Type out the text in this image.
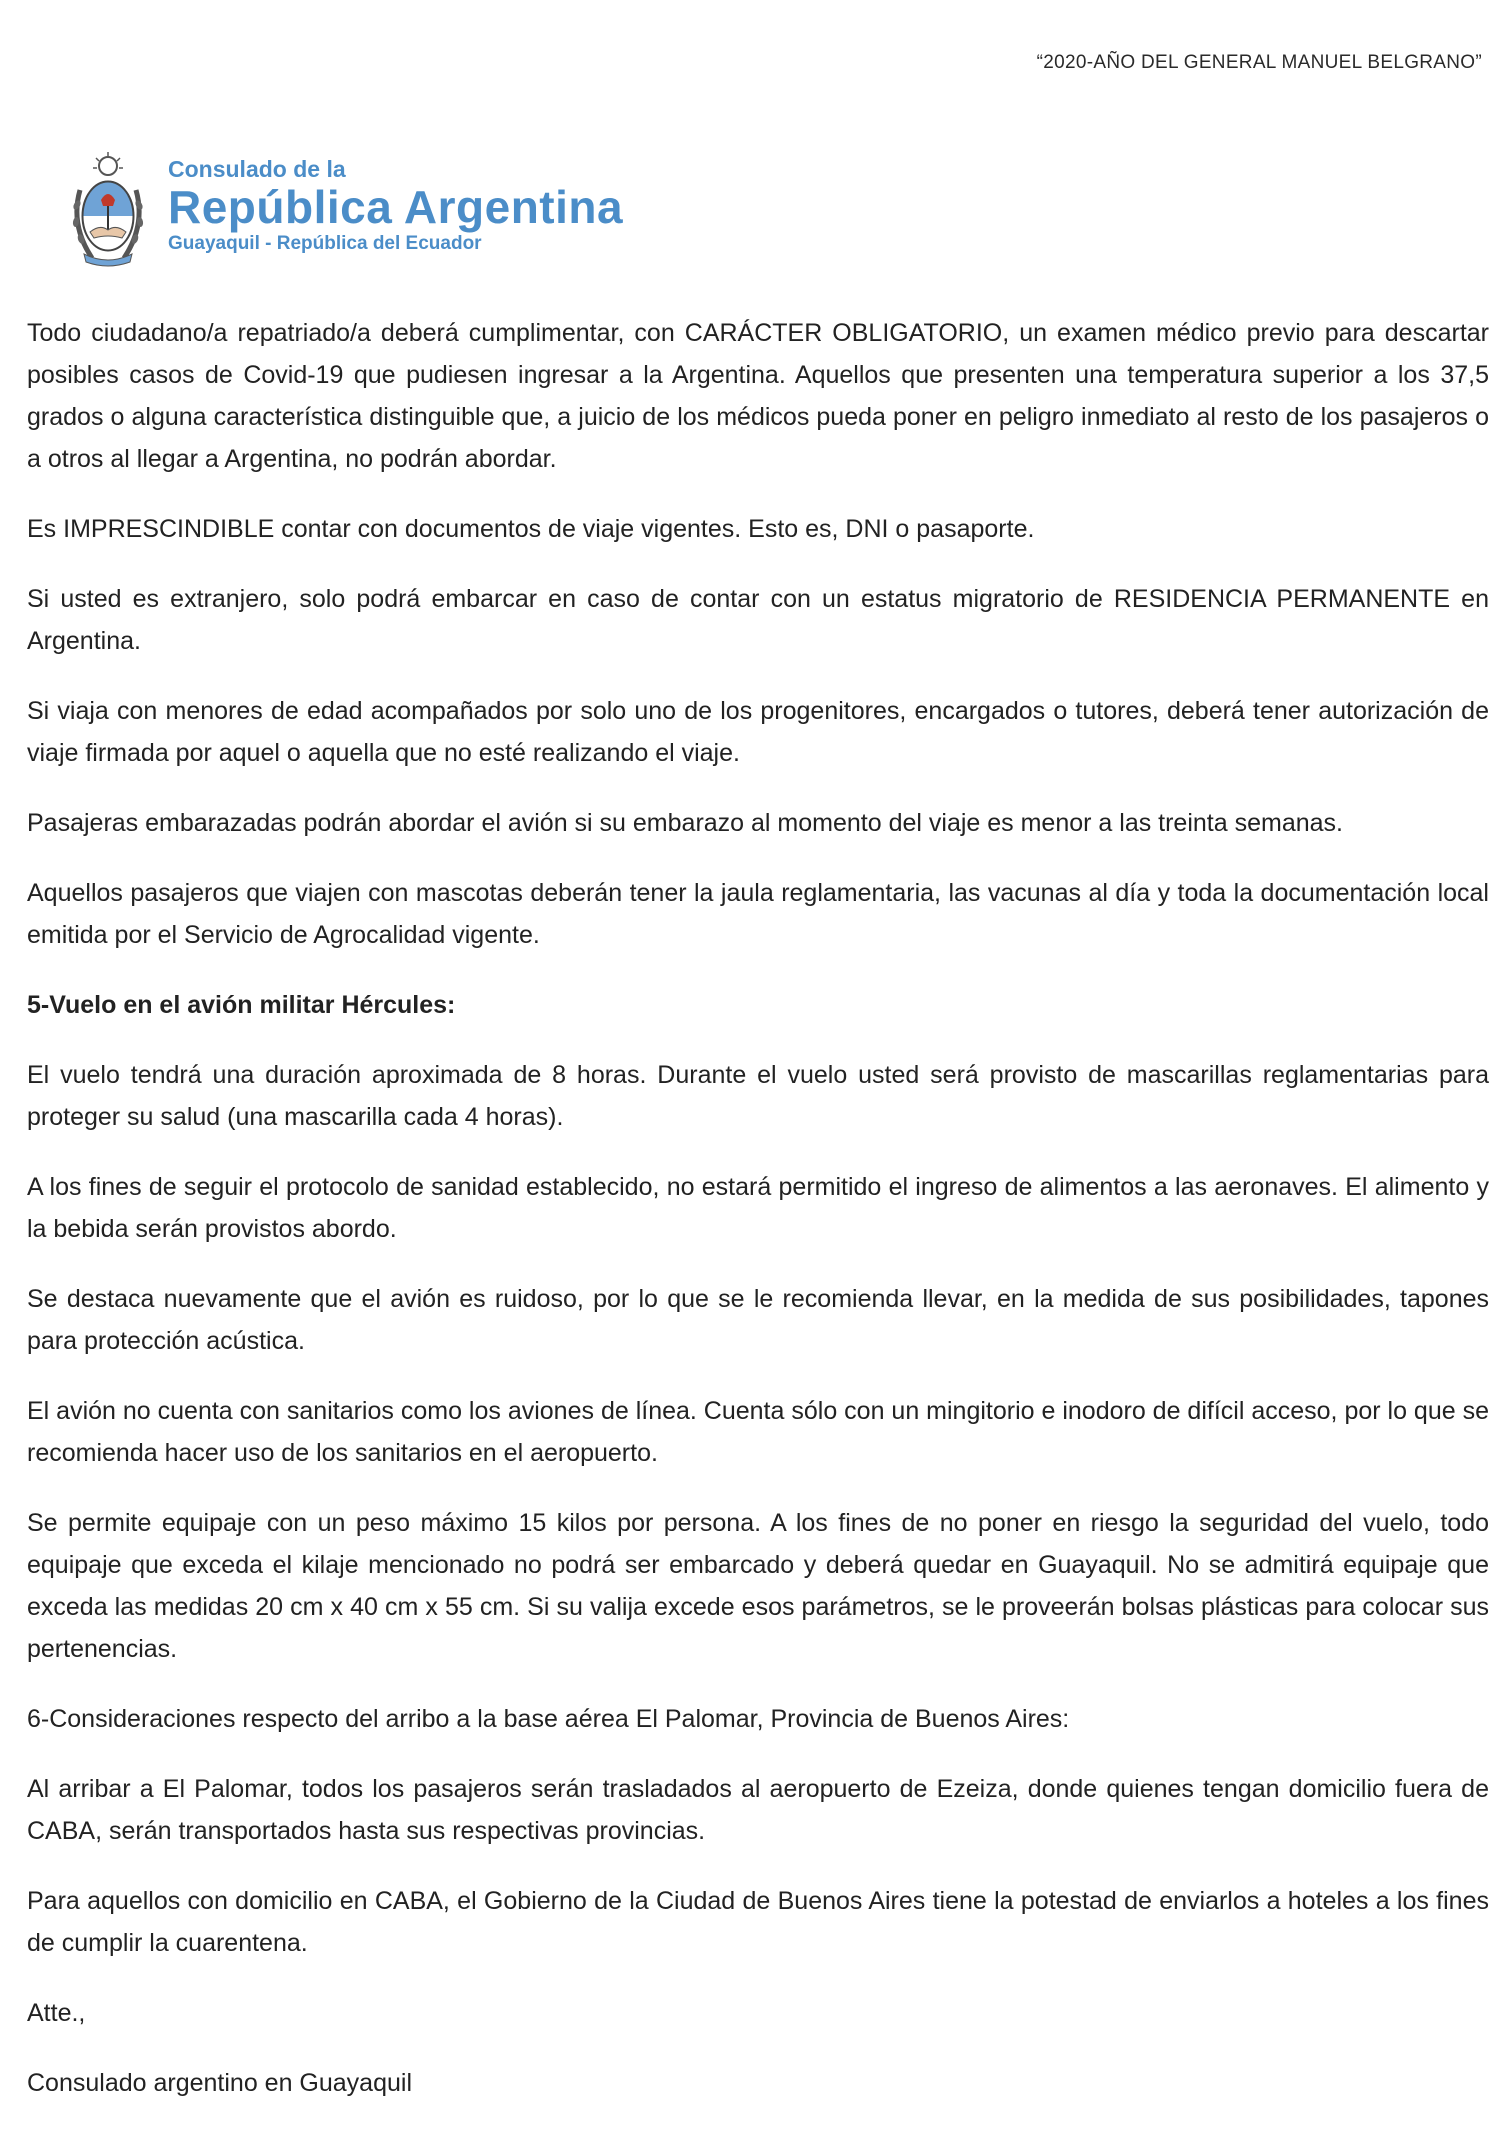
“2020-AÑO DEL GENERAL MANUEL BELGRANO”
Consulado de la
República Argentina
Guayaquil - República del Ecuador

Todo ciudadano/a repatriado/a deberá cumplimentar, con CARÁCTER OBLIGATORIO, un examen médico previo para descartar posibles casos de Covid-19 que pudiesen ingresar a la Argentina. Aquellos que presenten una temperatura superior a los 37,5 grados o alguna característica distinguible que, a juicio de los médicos pueda poner en peligro inmediato al resto de los pasajeros o a otros al llegar a Argentina, no podrán abordar.

Es IMPRESCINDIBLE contar con documentos de viaje vigentes. Esto es, DNI o pasaporte.

Si usted es extranjero, solo podrá embarcar en caso de contar con un estatus migratorio de RESIDENCIA PERMANENTE en Argentina.

Si viaja con menores de edad acompañados por solo uno de los progenitores, encargados o tutores, deberá tener autorización de viaje firmada por aquel o aquella que no esté realizando el viaje.

Pasajeras embarazadas podrán abordar el avión si su embarazo al momento del viaje es menor a las treinta semanas.

Aquellos pasajeros que viajen con mascotas deberán tener la jaula reglamentaria, las vacunas al día y toda la documentación local emitida por el Servicio de Agrocalidad vigente.

5-Vuelo en el avión militar Hércules:

El vuelo tendrá una duración aproximada de 8 horas. Durante el vuelo usted será provisto de mascarillas reglamentarias para proteger su salud (una mascarilla cada 4 horas).

A los fines de seguir el protocolo de sanidad establecido, no estará permitido el ingreso de alimentos a las aeronaves. El alimento y la bebida serán provistos abordo.

Se destaca nuevamente que el avión es ruidoso, por lo que se le recomienda llevar, en la medida de sus posibilidades, tapones para protección acústica.

El avión no cuenta con sanitarios como los aviones de línea. Cuenta sólo con un mingitorio e inodoro de difícil acceso, por lo que se recomienda hacer uso de los sanitarios en el aeropuerto.

Se permite equipaje con un peso máximo 15 kilos por persona. A los fines de no poner en riesgo la seguridad del vuelo, todo equipaje que exceda el kilaje mencionado no podrá ser embarcado y deberá quedar en Guayaquil. No se admitirá equipaje que exceda las medidas 20 cm x 40 cm x 55 cm. Si su valija excede esos parámetros, se le proveerán bolsas plásticas para colocar sus pertenencias.

6-Consideraciones respecto del arribo a la base aérea El Palomar, Provincia de Buenos Aires:

Al arribar a El Palomar, todos los pasajeros serán trasladados al aeropuerto de Ezeiza, donde quienes tengan domicilio fuera de CABA, serán transportados hasta sus respectivas provincias.

Para aquellos con domicilio en CABA, el Gobierno de la Ciudad de Buenos Aires tiene la potestad de enviarlos a hoteles a los fines de cumplir la cuarentena.

Atte.,

Consulado argentino en Guayaquil
